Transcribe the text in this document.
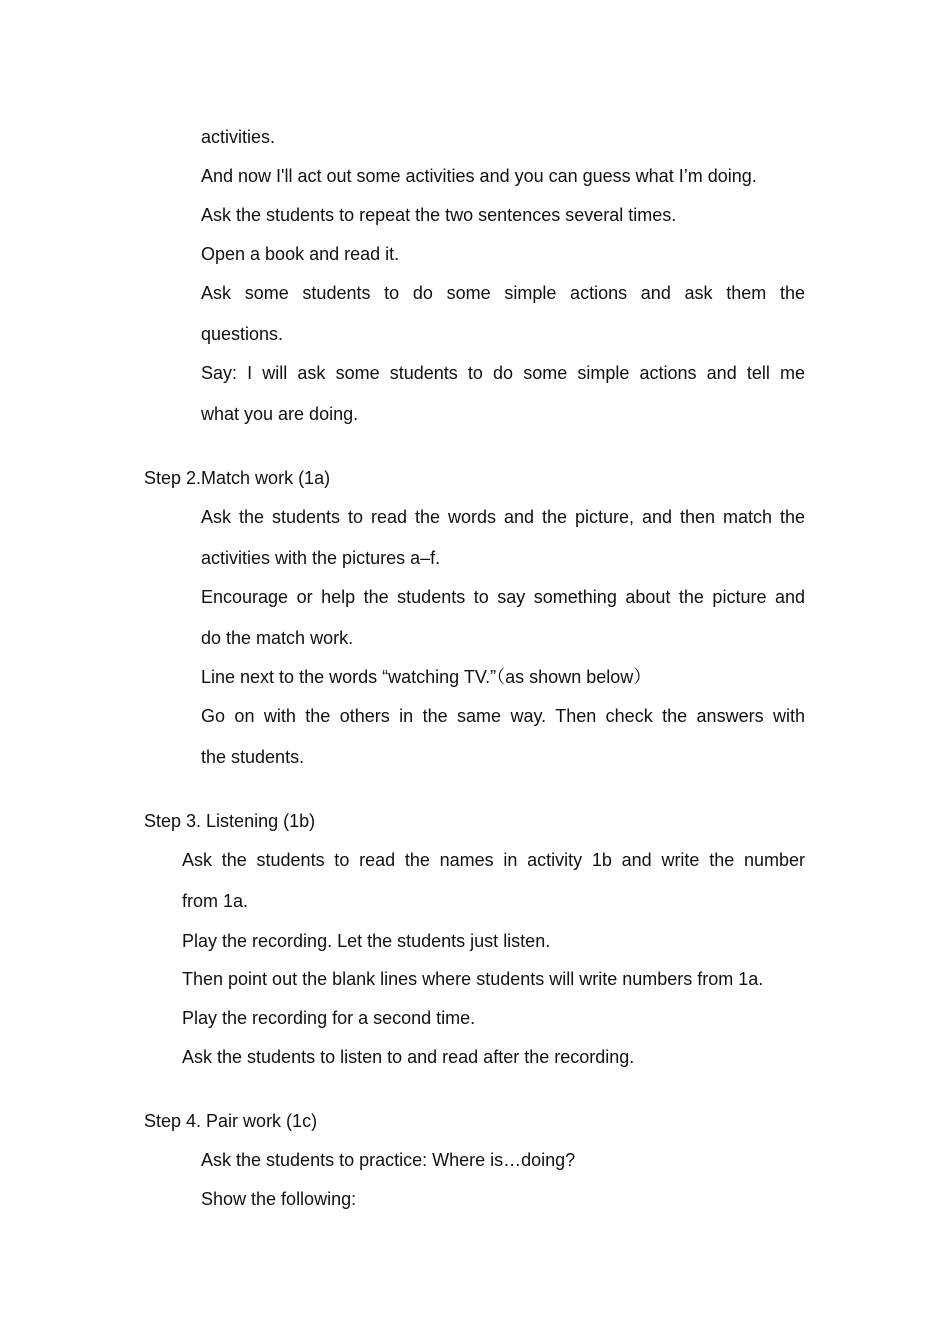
activities.

And now I'll act out some activities and you can guess what I’m doing.

Ask the students to repeat the two sentences several times.

Open a book and read it.

Ask some students to do some simple actions and ask them the

questions.

Say: I will ask some students to do some simple actions and tell me

what you are doing.

Step 2.Match work (1a)

Ask the students to read the words and the picture, and then match the

activities with the pictures a–f.

Encourage or help the students to say something about the picture and

do the match work.

Line next to the words “watching TV.”（as shown below）

Go on with the others in the same way. Then check the answers with

the students.

Step 3. Listening (1b)

Ask the students to read the names in activity 1b and write the number

from 1a.

Play the recording. Let the students just listen.

Then point out the blank lines where students will write numbers from 1a.

Play the recording for a second time.

Ask the students to listen to and read after the recording.

Step 4. Pair work (1c)

Ask the students to practice: Where is…doing?

Show the following:
